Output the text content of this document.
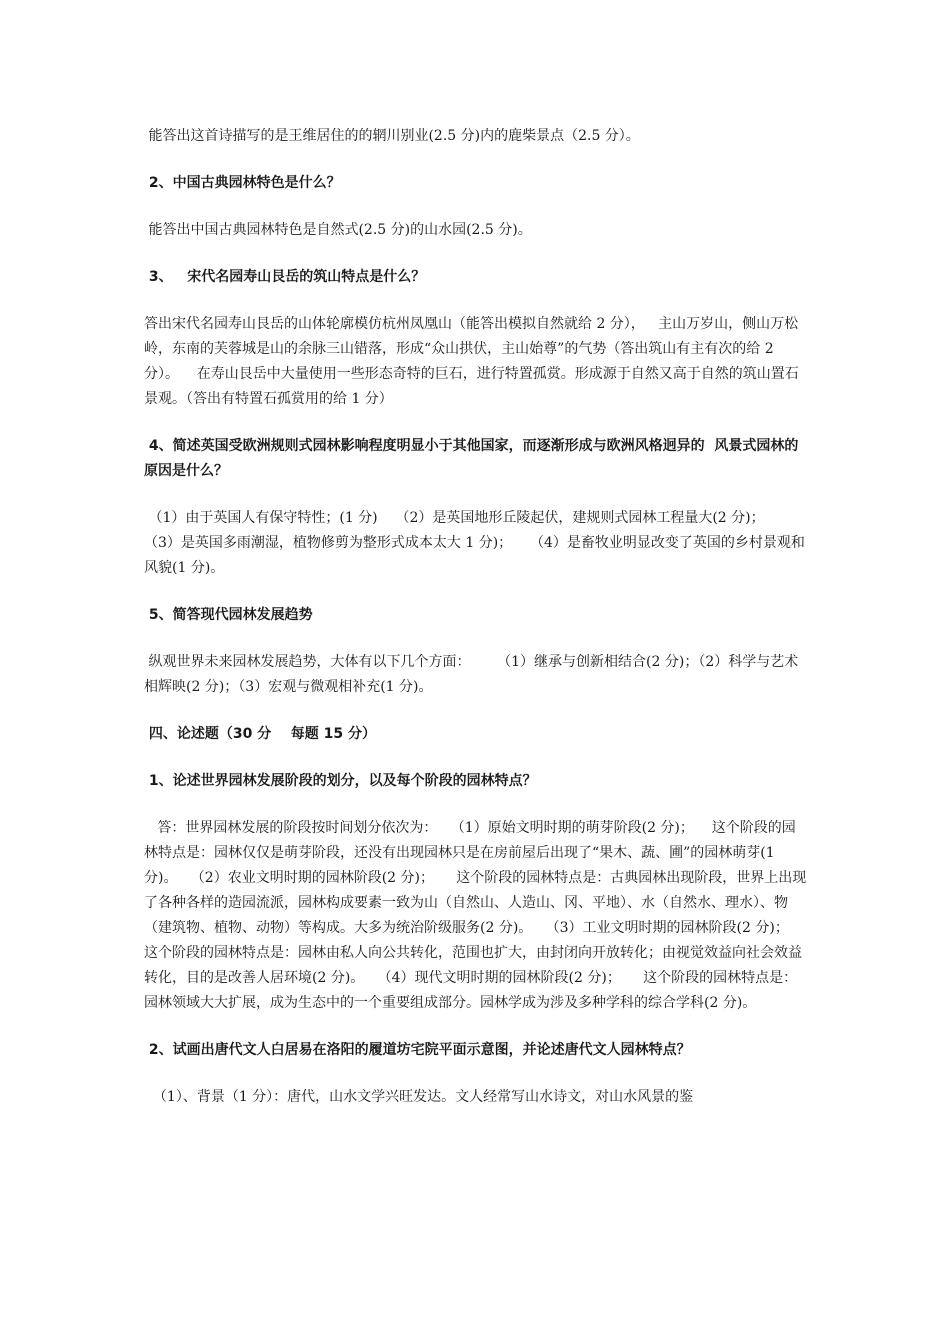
能答出这首诗描写的是王维居住的的辋川别业(2.5 分)内的鹿柴景点（2.5 分）。

2、中国古典园林特色是什么？

能答出中国古典园林特色是自然式(2.5 分)的山水园(2.5 分)。

3、   宋代名园寿山艮岳的筑山特点是什么？

答出宋代名园寿山艮岳的山体轮廓模仿杭州凤凰山（能答出模拟自然就给 2 分），   主山万岁山，侧山万松岭，东南的芙蓉城是山的余脉三山错落，形成“众山拱伏，主山始尊”的气势（答出筑山有主有次的给 2 分）。    在寿山艮岳中大量使用一些形态奇特的巨石，进行特置孤赏。形成源于自然又高于自然的筑山置石景观。（答出有特置石孤赏用的给 1 分）

4、简述英国受欧洲规则式园林影响程度明显小于其他国家，而逐渐形成与欧洲风格迥异的  风景式园林的原因是什么？

（1）由于英国人有保守特性；(1 分)    （2）是英国地形丘陵起伏，建规则式园林工程量大(2 分)；    （3）是英国多雨潮湿，植物修剪为整形式成本太大 1 分)；    （4）是畜牧业明显改变了英国的乡村景观和风貌(1 分)。

5、简答现代园林发展趋势

纵观世界未来园林发展趋势，大体有以下几个方面：      （1）继承与创新相结合(2 分)；（2）科学与艺术相辉映(2 分)；（3）宏观与微观相补充(1 分)。

四、论述题（30 分    每题 15 分）

1、论述世界园林发展阶段的划分，以及每个阶段的园林特点？

答：世界园林发展的阶段按时间划分依次为：   （1）原始文明时期的萌芽阶段(2 分)；    这个阶段的园林特点是：园林仅仅是萌芽阶段，还没有出现园林只是在房前屋后出现了“果木、蔬、圃”的园林萌芽(1 分)。   （2）农业文明时期的园林阶段(2 分)；     这个阶段的园林特点是：古典园林出现阶段，世界上出现了各种各样的造园流派，园林构成要素一致为山（自然山、人造山、冈、平地）、水（自然水、理水）、物（建筑物、植物、动物）等构成。大多为统治阶级服务(2 分)。   （3）工业文明时期的园林阶段(2 分)；     这个阶段的园林特点是：园林由私人向公共转化，范围也扩大，由封闭向开放转化；由视觉效益向社会效益转化，目的是改善人居环境(2 分)。   （4）现代文明时期的园林阶段(2 分)；     这个阶段的园林特点是：园林领域大大扩展，成为生态中的一个重要组成部分。园林学成为涉及多种学科的综合学科(2 分)。

2、试画出唐代文人白居易在洛阳的履道坊宅院平面示意图，并论述唐代文人园林特点？

（1）、背景（1 分）：唐代，山水文学兴旺发达。文人经常写山水诗文，对山水风景的鉴
